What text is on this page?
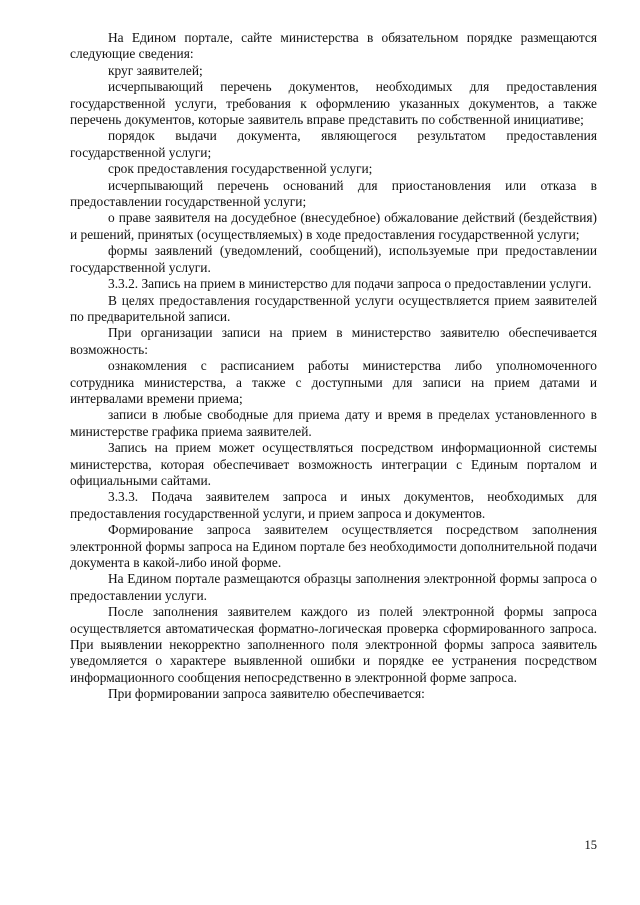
На Едином портале, сайте министерства в обязательном порядке размещаются следующие сведения:

круг заявителей;

исчерпывающий перечень документов, необходимых для предоставления государственной услуги, требования к оформлению указанных документов, а также перечень документов, которые заявитель вправе представить по собственной инициативе;

порядок выдачи документа, являющегося результатом предоставления государственной услуги;

срок предоставления государственной услуги;

исчерпывающий перечень оснований для приостановления или отказа в предоставлении государственной услуги;

о праве заявителя на досудебное (внесудебное) обжалование действий (бездействия) и решений, принятых (осуществляемых) в ходе предоставления государственной услуги;

формы заявлений (уведомлений, сообщений), используемые при предоставлении государственной услуги.

3.3.2. Запись на прием в министерство для подачи запроса о предоставлении услуги.

В целях предоставления государственной услуги осуществляется прием заявителей по предварительной записи.

При организации записи на прием в министерство заявителю обеспечивается возможность:

ознакомления с расписанием работы министерства либо уполномоченного сотрудника министерства, а также с доступными для записи на прием датами и интервалами времени приема;

записи в любые свободные для приема дату и время в пределах установленного в министерстве графика приема заявителей.

Запись на прием может осуществляться посредством информационной системы министерства, которая обеспечивает возможность интеграции с Единым порталом и официальными сайтами.

3.3.3. Подача заявителем запроса и иных документов, необходимых для предоставления государственной услуги, и прием запроса и документов.

Формирование запроса заявителем осуществляется посредством заполнения электронной формы запроса на Едином портале без необходимости дополнительной подачи документа в какой-либо иной форме.

На Едином портале размещаются образцы заполнения электронной формы запроса о предоставлении услуги.

После заполнения заявителем каждого из полей электронной формы запроса осуществляется автоматическая форматно-логическая проверка сформированного запроса. При выявлении некорректно заполненного поля электронной формы запроса заявитель уведомляется о характере выявленной ошибки и порядке ее устранения посредством информационного сообщения непосредственно в электронной форме запроса.

При формировании запроса заявителю обеспечивается:

15
